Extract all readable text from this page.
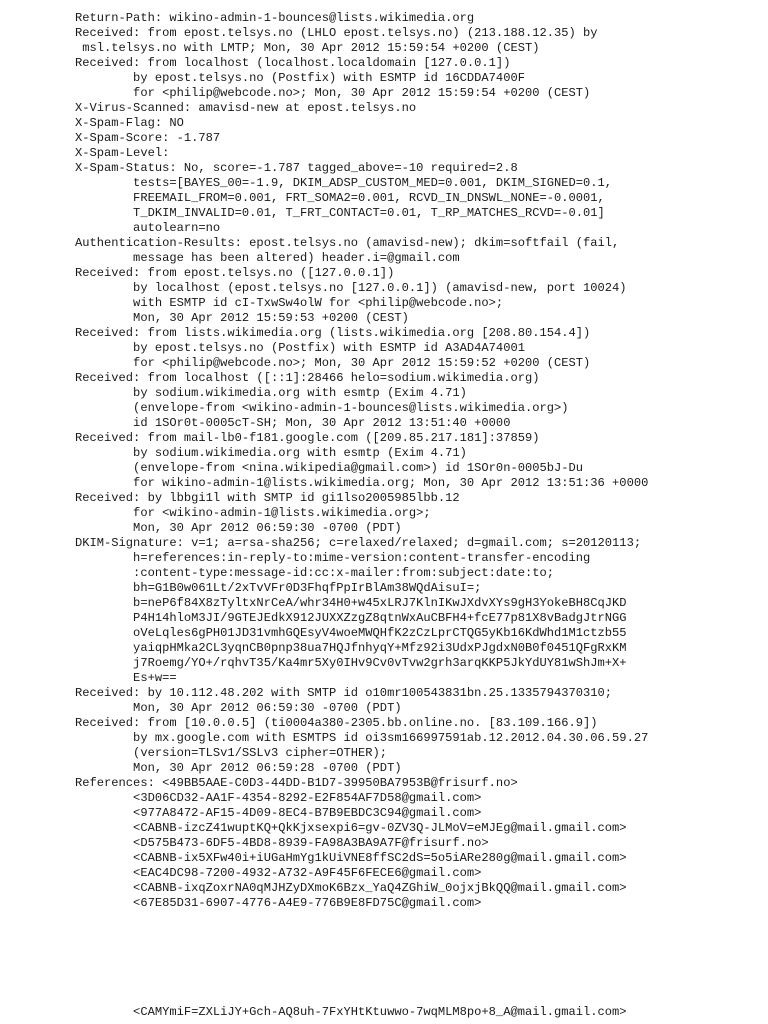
Return-Path: wikino-admin-1-bounces@lists.wikimedia.org
Received: from epost.telsys.no (LHLO epost.telsys.no) (213.188.12.35) by
msl.telsys.no with LMTP; Mon, 30 Apr 2012 15:59:54 +0200 (CEST)
Received: from localhost (localhost.localdomain [127.0.0.1])
by epost.telsys.no (Postfix) with ESMTP id 16CDDA7400F
for <philip@webcode.no>; Mon, 30 Apr 2012 15:59:54 +0200 (CEST)
X-Virus-Scanned: amavisd-new at epost.telsys.no
X-Spam-Flag: NO
X-Spam-Score: -1.787
X-Spam-Level:
X-Spam-Status: No, score=-1.787 tagged_above=-10 required=2.8
tests=[BAYES_00=-1.9, DKIM_ADSP_CUSTOM_MED=0.001, DKIM_SIGNED=0.1,
FREEMAIL_FROM=0.001, FRT_SOMA2=0.001, RCVD_IN_DNSWL_NONE=-0.0001,
T_DKIM_INVALID=0.01, T_FRT_CONTACT=0.01, T_RP_MATCHES_RCVD=-0.01]
autolearn=no
Authentication-Results: epost.telsys.no (amavisd-new); dkim=softfail (fail,
message has been altered) header.i=@gmail.com
Received: from epost.telsys.no ([127.0.0.1])
by localhost (epost.telsys.no [127.0.0.1]) (amavisd-new, port 10024)
with ESMTP id cI-TxwSw4olW for <philip@webcode.no>;
Mon, 30 Apr 2012 15:59:53 +0200 (CEST)
Received: from lists.wikimedia.org (lists.wikimedia.org [208.80.154.4])
by epost.telsys.no (Postfix) with ESMTP id A3AD4A74001
for <philip@webcode.no>; Mon, 30 Apr 2012 15:59:52 +0200 (CEST)
Received: from localhost ([::1]:28466 helo=sodium.wikimedia.org)
by sodium.wikimedia.org with esmtp (Exim 4.71)
(envelope-from <wikino-admin-1-bounces@lists.wikimedia.org>)
id 1SOr0t-0005cT-SH; Mon, 30 Apr 2012 13:51:40 +0000
Received: from mail-lb0-f181.google.com ([209.85.217.181]:37859)
by sodium.wikimedia.org with esmtp (Exim 4.71)
(envelope-from <nina.wikipedia@gmail.com>) id 1SOr0n-0005bJ-Du
for wikino-admin-1@lists.wikimedia.org; Mon, 30 Apr 2012 13:51:36 +0000
Received: by lbbgi1l with SMTP id gi1lso2005985lbb.12
for <wikino-admin-1@lists.wikimedia.org>;
Mon, 30 Apr 2012 06:59:30 -0700 (PDT)
DKIM-Signature: v=1; a=rsa-sha256; c=relaxed/relaxed; d=gmail.com; s=20120113;
h=references:in-reply-to:mime-version:content-transfer-encoding
:content-type:message-id:cc:x-mailer:from:subject:date:to;
bh=G1B0w061Lt/2xTvVFr0D3FhqfPpIrBlAm38WQdAisuI=;
b=neP6f84X8zTyltxNrCeA/whr34H0+w45xLRJ7KlnIKwJXdvXYs9gH3YokeBH8CqJKD
P4H14hloM3JI/9GTEJEdkX912JUXXZzgZ8qtnWxAuCBFH4+fcE77p81X8vBadgJtrNGG
oVeLqles6gPH01JD31vmhGQEsyV4woeMWQHfK2zCzLprCTQG5yKb16KdWhd1M1ctzb55
yaiqpHMka2CL3yqnCB0pnp38ua7HQJfnhyqY+Mfz92i3UdxPJgdxN0B0f0451QFgRxKM
j7Roemg/YO+/rqhvT35/Ka4mr5Xy0IHv9Cv0vTvw2grh3arqKKP5JkYdUY81wShJm+X+
Es+w==
Received: by 10.112.48.202 with SMTP id o10mr100543831bn.25.1335794370310;
Mon, 30 Apr 2012 06:59:30 -0700 (PDT)
Received: from [10.0.0.5] (ti0004a380-2305.bb.online.no. [83.109.166.9])
by mx.google.com with ESMTPS id oi3sm166997591ab.12.2012.04.30.06.59.27
(version=TLSv1/SSLv3 cipher=OTHER);
Mon, 30 Apr 2012 06:59:28 -0700 (PDT)
References: <49BB5AAE-C0D3-44DD-B1D7-39950BA7953B@frisurf.no>
<3D06CD32-AA1F-4354-8292-E2F854AF7D58@gmail.com>
<977A8472-AF15-4D09-8EC4-B7B9EBDC3C94@gmail.com>
<CABNB-izcZ41wuptKQ+QkKjxsexpi6=gv-0ZV3Q-JLMoV=eMJEg@mail.gmail.com>
<D575B473-6DF5-4BD8-8939-FA98A3BA9A7F@frisurf.no>
<CABNB-ix5XFw40i+iUGaHmYg1kUiVNE8ffSC2dS=5o5iARe280g@mail.gmail.com>
<EAC4DC98-7200-4932-A732-A9F45F6FECE6@gmail.com>
<CABNB-ixqZoxrNA0qMJHZyDXmoK6Bzx_YaQ4ZGhiW_0ojxjBkQQ@mail.gmail.com>
<67E85D31-6907-4776-A4E9-776B9E8FD75C@gmail.com>
<CAMYmiF=ZXLiJY+Gch-AQ8uh-7FxYHtKtuwwo-7wqMLM8po+8_A@mail.gmail.com>
